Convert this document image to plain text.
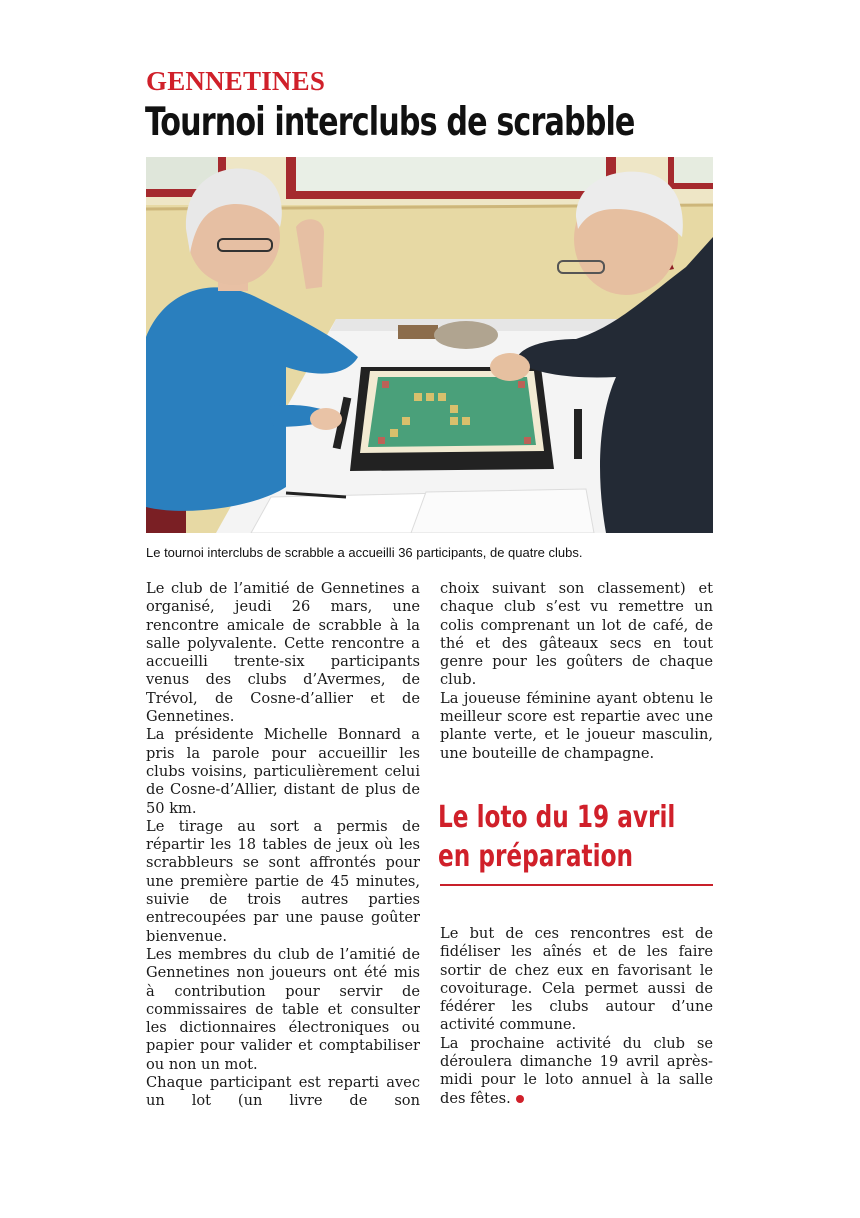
GENNETINES
Tournoi interclubs de scrabble
Le tournoi interclubs de scrabble a accueilli 36 participants, de quatre clubs.

Le club de l’amitié de Gennetines a organisé, jeudi 26 mars, une rencontre amicale de scrabble à la salle polyvalente. Cette rencontre a accueilli trente-six participants venus des clubs d’Avermes, de Trévol, de Cosne-d’allier et de Gennetines.

La présidente Michelle Bonnard a pris la parole pour accueillir les clubs voisins, particulièrement celui de Cosne-d’Allier, distant de plus de 50 km.

Le tirage au sort a permis de répartir les 18 tables de jeux où les scrabbleurs se sont affrontés pour une première partie de 45 minutes, suivie de trois autres parties entrecoupées par une pause goûter bienvenue.

Les membres du club de l’amitié de Gennetines non joueurs ont été mis à contribution pour servir de commissaires de table et consulter les dictionnaires électroniques ou papier pour valider et comptabiliser ou non un mot.

Chaque participant est reparti avec un lot (un livre de son

choix suivant son classement) et chaque club s’est vu remettre un colis comprenant un lot de café, de thé et des gâteaux secs en tout genre pour les goûters de chaque club.

La joueuse féminine ayant obtenu le meilleur score est repartie avec une plante verte, et le joueur masculin, une bouteille de champagne.

Le loto du 19 avril
en préparation

Le but de ces rencontres est de fidéliser les aînés et de les faire sortir de chez eux en favorisant le covoiturage. Cela permet aussi de fédérer les clubs autour d’une activité commune.

La prochaine activité du club se déroulera dimanche 19 avril après-midi pour le loto annuel à la salle des fêtes.
